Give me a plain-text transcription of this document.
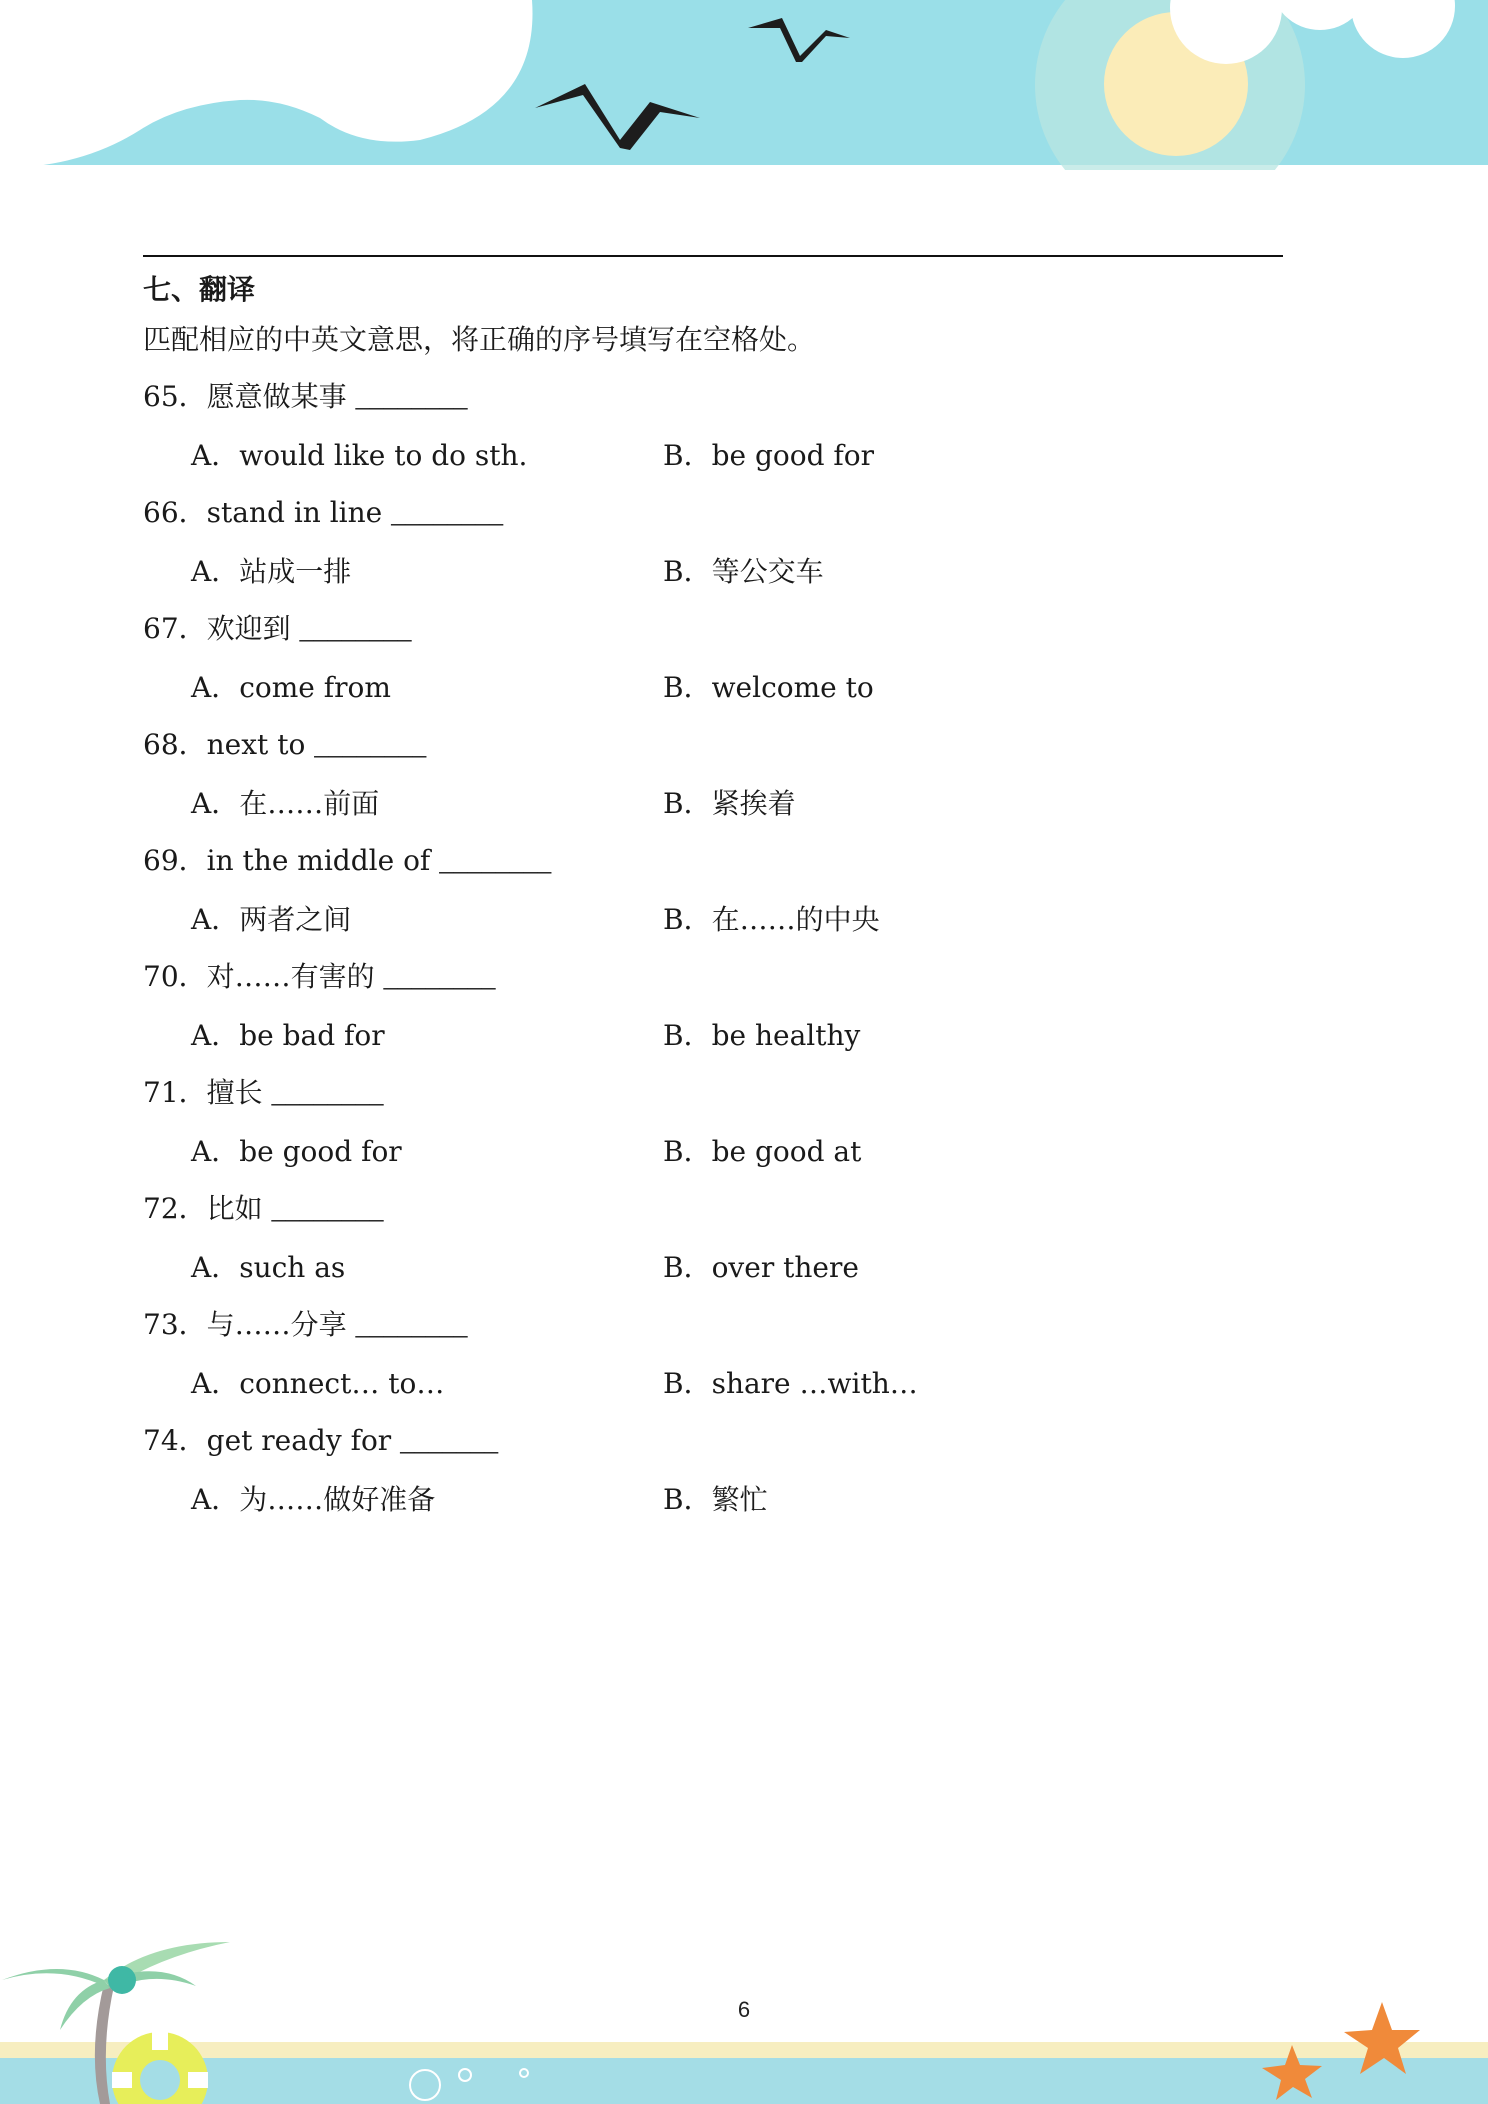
七、翻译
匹配相应的中英文意思，将正确的序号填写在空格处。
65．愿意做某事 ________
A．would like to do sth.	B．be good for
66．stand in line ________
A．站成一排	B．等公交车
67．欢迎到 ________
A．come from	B．welcome to
68．next to ________
A．在……前面	B．紧挨着
69．in the middle of ________
A．两者之间	B．在……的中央
70．对……有害的 ________
A．be bad for	B．be healthy
71．擅长 ________
A．be good for	B．be good at
72．比如 ________
A．such as	B．over there
73．与……分享 ________
A．connect… to…	B．share …with…
74．get ready for _______
A．为……做好准备	B．繁忙
6
